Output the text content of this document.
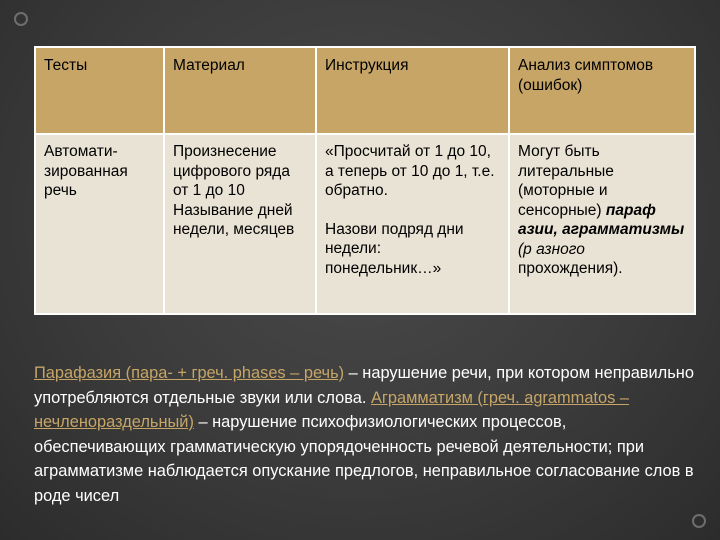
Тесты	Материал	Инструкция	Анализ симптомов (ошибок)
Автомати-зированная речь	Произнесение цифрового ряда от 1 до 10 Называние дней недели, месяцев	«Просчитай от 1 до 10, а теперь от 10 до 1, т.е. обратно.
Назови подряд дни недели: понедельник…»	Могут быть литеральные (моторные и сенсорные) параф азии, аграмматизмы (р азного прохождения).
Парафазия (пара- + греч. phases – речь) – нарушение речи, при котором неправильно употребляются отдельные звуки или слова. Аграмматизм (греч. agrammatos – нечленораздельный) – нарушение психофизиологических процессов, обеспечивающих грамматическую упорядоченность речевой деятельности; при аграмматизме наблюдается опускание предлогов, неправильное согласование слов в роде чисел
